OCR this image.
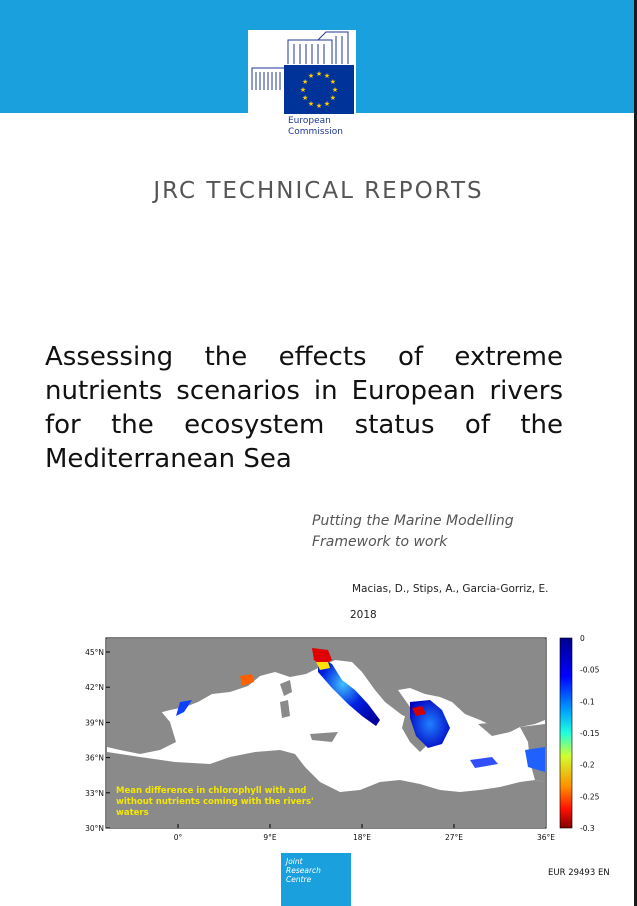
★
★
★
★
★
★
★
★
★ ★ ★
★
European
Commission
JRC TECHNICAL REPORTS
Assessing the effects of extreme nutrients scenarios in European rivers for the ecosystem status of the Mediterranean Sea
Putting the Marine Modelling Framework to work
Macias, D., Stips, A., Garcia-Gorriz, E.
2018
45°N
42°N
39°N
36°N
33°N
30°N
0°	9°E	18°E	27°E	36°E
0
-0.05
-0.1
-0.15
-0.2
-0.25
-0.3
Mean difference in chlorophyll with and without nutrients coming with the rivers' waters
Joint
Research
Centre
EUR 29493 EN
